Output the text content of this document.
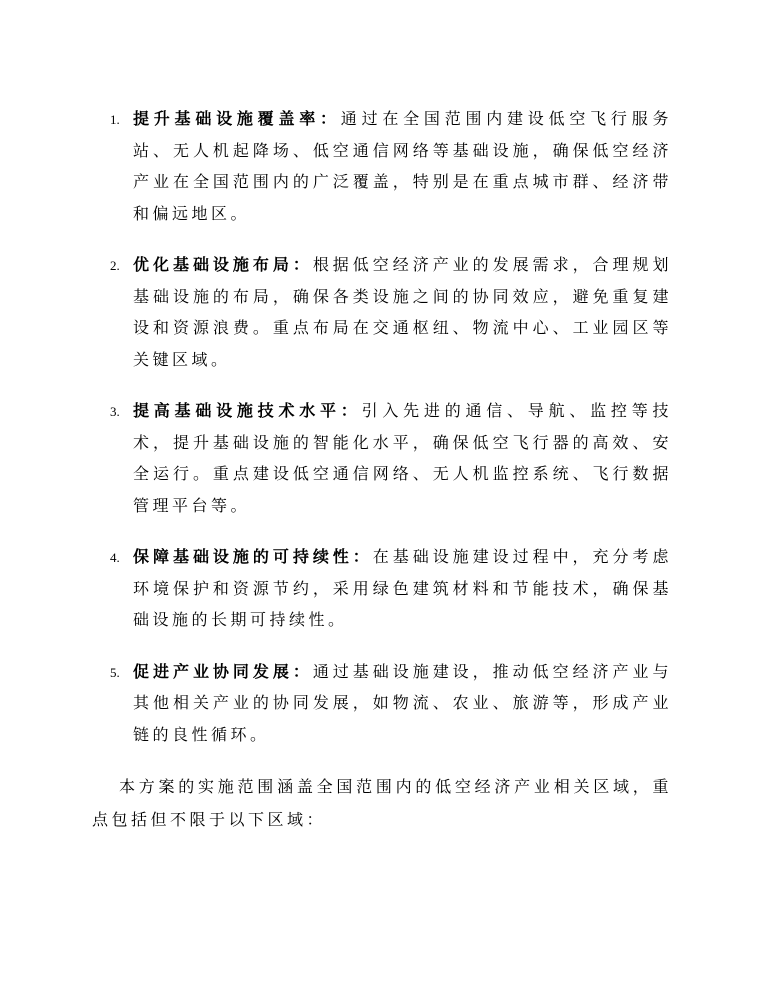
1. 提升基础设施覆盖率：通过在全国范围内建设低空飞行服务站、无人机起降场、低空通信网络等基础设施，确保低空经济产业在全国范围内的广泛覆盖，特别是在重点城市群、经济带和偏远地区。
2. 优化基础设施布局：根据低空经济产业的发展需求，合理规划基础设施的布局，确保各类设施之间的协同效应，避免重复建设和资源浪费。重点布局在交通枢纽、物流中心、工业园区等关键区域。
3. 提高基础设施技术水平：引入先进的通信、导航、监控等技术，提升基础设施的智能化水平，确保低空飞行器的高效、安全运行。重点建设低空通信网络、无人机监控系统、飞行数据管理平台等。
4. 保障基础设施的可持续性：在基础设施建设过程中，充分考虑环境保护和资源节约，采用绿色建筑材料和节能技术，确保基础设施的长期可持续性。
5. 促进产业协同发展：通过基础设施建设，推动低空经济产业与其他相关产业的协同发展，如物流、农业、旅游等，形成产业链的良性循环。

本方案的实施范围涵盖全国范围内的低空经济产业相关区域，重点包括但不限于以下区域：
